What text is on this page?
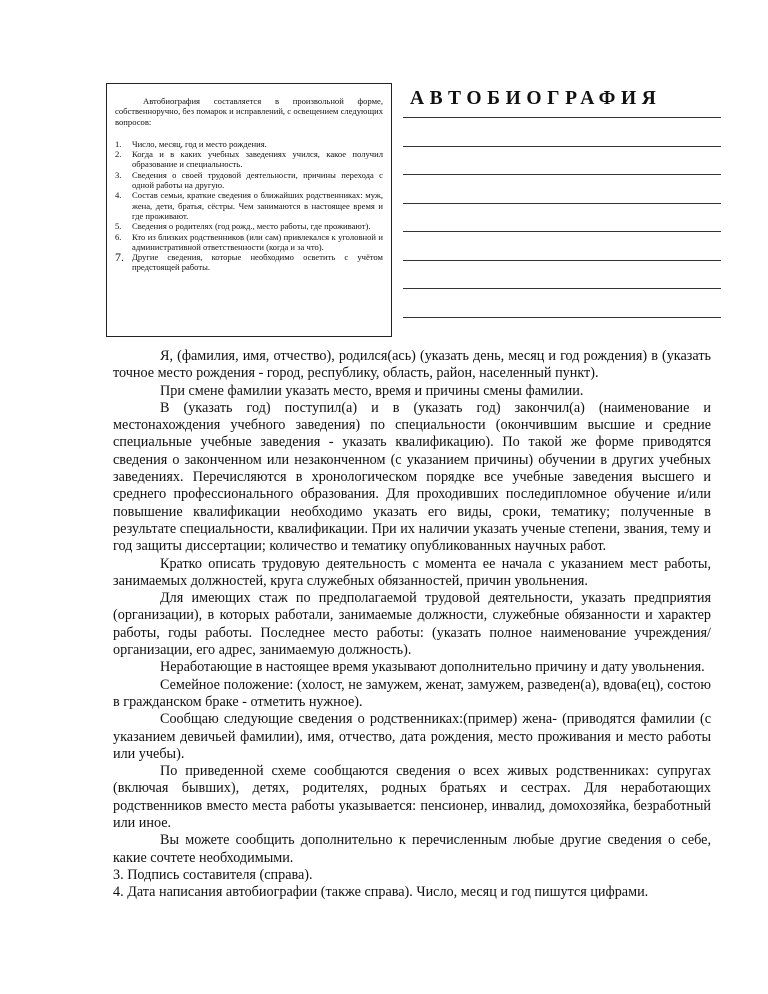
Автобиография составляется в произвольной форме, собственноручно, без помарок и исправлений, с освещением следующих вопросов:

1.	Число, месяц, год и место рождения.
2.	Когда и в каких учебных заведениях учился, какое получил образование и специальность.
3.	Сведения о своей трудовой деятельности, причины перехода с одной работы на другую.
4.	Состав семьи, краткие сведения о ближайших родственниках: муж, жена, дети, братья, сёстры. Чем занимаются в настоящее время и где проживают.
5.	Сведения о родителях (год рожд., место работы, где проживают).
6.	Кто из близких родственников (или сам) привлекался к уголовной и административной ответственности (когда и за что).
7. Другие сведения, которые необходимо осветить с учётом предстоящей работы.
АВТОБИОГРАФИЯ

Я, (фамилия, имя, отчество), родился(ась) (указать день, месяц и год рождения) в (указать точное место рождения - город, республику, область, район, населенный пункт).

При смене фамилии указать место, время и причины смены фамилии.

В (указать год) поступил(а) и в (указать год) закончил(а) (наименование и местонахождения учебного заведения) по специальности (окончившим высшие и средние специальные учебные заведения - указать квалификацию). По такой же форме приводятся сведения о законченном или незаконченном (с указанием причины) обучении в других учебных заведениях. Перечисляются в хронологическом порядке все учебные заведения высшего и среднего профессионального образования. Для проходивших последипломное обучение и/или повышение квалификации необходимо указать его виды, сроки, тематику; полученные в результате специальности, квалификации. При их наличии указать ученые степени, звания, тему и год защиты диссертации; количество и тематику опубликованных научных работ.

Кратко описать трудовую деятельность с момента ее начала с указанием мест работы, занимаемых должностей, круга служебных обязанностей, причин увольнения.

Для имеющих стаж по предполагаемой трудовой деятельности, указать предприятия (организации), в которых работали, занимаемые должности, служебные обязанности и характер работы, годы работы. Последнее место работы: (указать полное наименование учреждения/организации, его адрес, занимаемую должность).

Неработающие в настоящее время указывают дополнительно причину и дату увольнения.

Семейное положение: (холост, не замужем, женат, замужем, разведен(а), вдова(ец), состою в гражданском браке - отметить нужное).

Сообщаю следующие сведения о родственниках:(пример) жена- (приводятся фамилии (с указанием девичьей фамилии), имя, отчество, дата рождения, место проживания и место работы или учебы).

По приведенной схеме сообщаются сведения о всех живых родственниках: супругах (включая бывших), детях, родителях, родных братьях и сестрах. Для неработающих родственников вместо места работы указывается: пенсионер, инвалид, домохозяйка, безработный или иное.

Вы можете сообщить дополнительно к перечисленным любые другие сведения о себе, какие сочтете необходимыми.

3. Подпись составителя (справа).

4. Дата написания автобиографии (также справа). Число, месяц и год пишутся цифрами.
